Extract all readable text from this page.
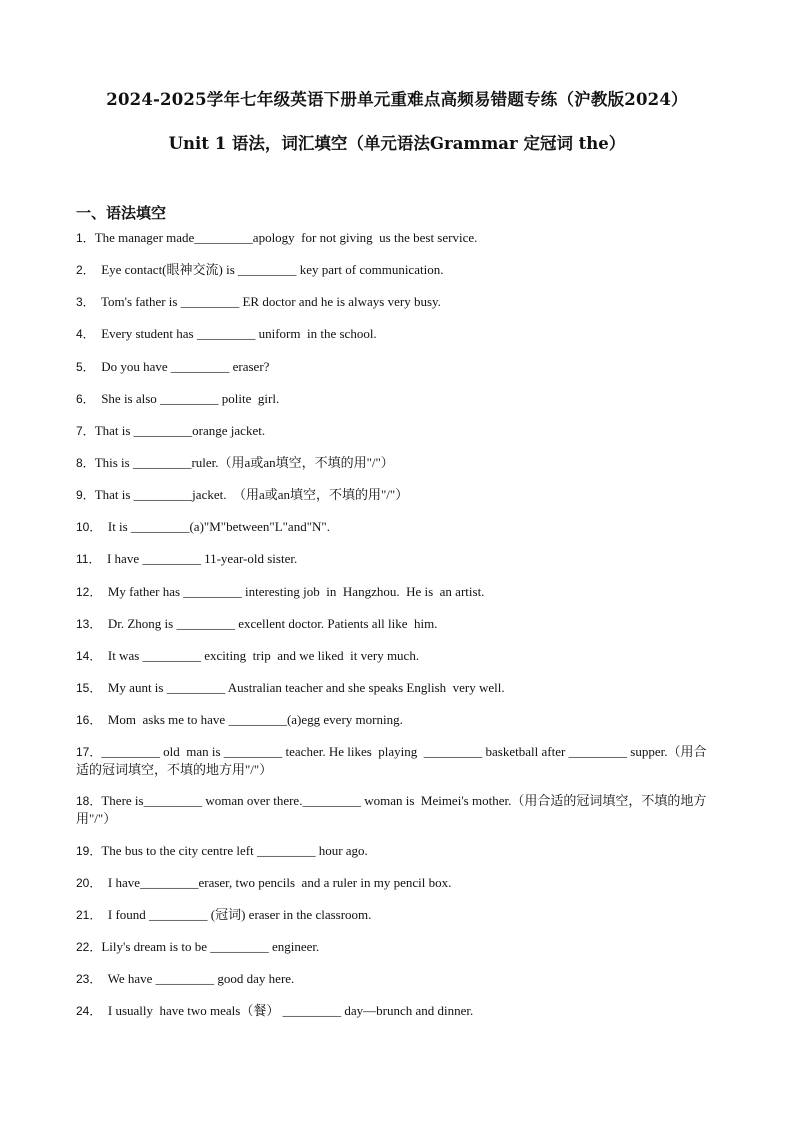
2024-2025学年七年级英语下册单元重难点高频易错题专练（沪教版2024）
Unit 1 语法，词汇填空（单元语法Grammar 定冠词 the）
一、语法填空
1．The manager made_________apology  for not giving  us the best service.
2．  Eye contact(眼神交流) is _________ key part of communication.
3．  Tom's father is _________ ER doctor and he is always very busy.
4．  Every student has _________ uniform  in the school.
5．  Do you have _________ eraser?
6．  She is also _________ polite  girl.
7．That is _________orange jacket.
8．This is _________ruler.（用a或an填空，不填的用"/"）
9．That is _________jacket.  （用a或an填空，不填的用"/"）
10．  It is _________(a)"M"between"L"and"N".
11．  I have _________ 11-year-old sister.
12．  My father has _________ interesting job  in  Hangzhou.  He is  an artist.
13．  Dr. Zhong is _________ excellent doctor. Patients all like  him.
14．  It was _________ exciting  trip  and we liked  it very much.
15．  My aunt is _________ Australian teacher and she speaks English  very well.
16．  Mom  asks me to have _________(a)egg every morning.
17．_________ old  man is _________ teacher. He likes  playing  _________ basketball after _________ supper.（用合适的冠词填空，不填的地方用"/"）
18．There is_________ woman over there._________ woman is  Meimei's mother.（用合适的冠词填空，不填的地方用"/"）
19．The bus to the city centre left _________ hour ago.
20．  I have_________eraser, two pencils  and a ruler in my pencil box.
21．  I found _________ (冠词) eraser in the classroom.
22．Lily's dream is to be _________ engineer.
23．  We have _________ good day here.
24．  I usually  have two meals（餐） _________ day—brunch and dinner.
